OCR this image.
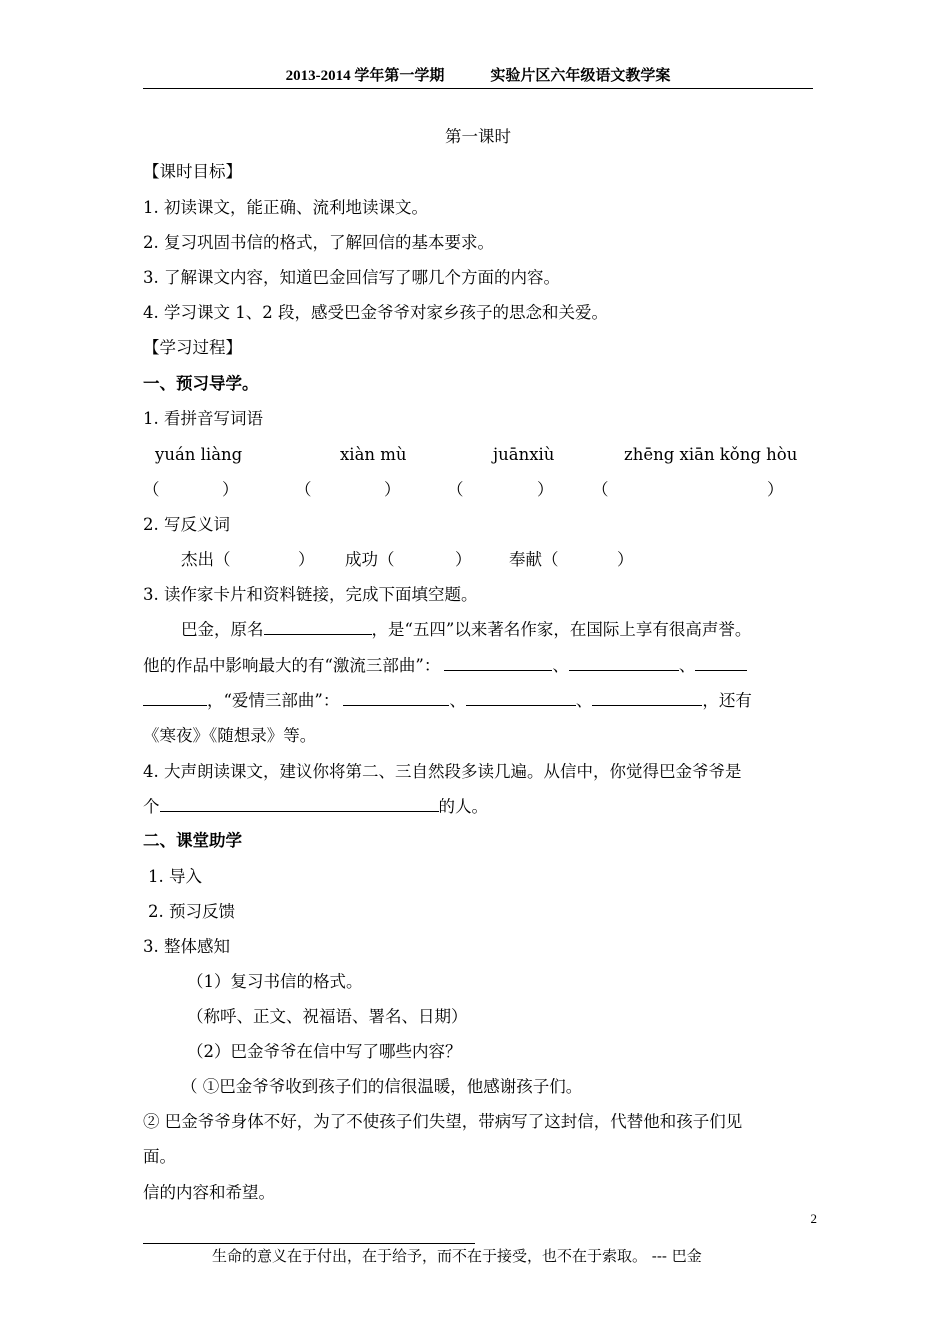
2013-2014 学年第一学期	实验片区六年级语文教学案
第一课时
【课时目标】
1. 初读课文，能正确、流利地读课文。
2. 复习巩固书信的格式，了解回信的基本要求。
3. 了解课文内容，知道巴金回信写了哪几个方面的内容。
4. 学习课文 1、2 段，感受巴金爷爷对家乡孩子的思念和关爱。
【学习过程】
一、预习导学。
1. 看拼音写词语
yuán liàng	xiàn mù	juānxiù	zhēng xiān kǒng hòu
（	）	（	）	（	） （	）
2. 写反义词
杰出（	） 成功（	） 奉献（	）
3. 读作家卡片和资料链接，完成下面填空题。
巴金，原名	，是“五四”以来著名作家，在国际上享有很高声誉。
他的作品中影响最大的有“激流三部曲”：	、	、
，“爱情三部曲”：	、	、	，还有
《寒夜》《随想录》等。
4. 大声朗读课文，建议你将第二、三自然段多读几遍。从信中，你觉得巴金爷爷是
个	的人。
二、课堂助学
1. 导入
2. 预习反馈
3. 整体感知
（1）复习书信的格式。
（称呼、正文、祝福语、署名、日期）
（2）巴金爷爷在信中写了哪些内容？
（ ①巴金爷爷收到孩子们的信很温暖，他感谢孩子们。
② 巴金爷爷身体不好，为了不使孩子们失望，带病写了这封信，代替他和孩子们见
面。
信的内容和希望。
2
生命的意义在于付出，在于给予，而不在于接受，也不在于索取。 --- 巴金
